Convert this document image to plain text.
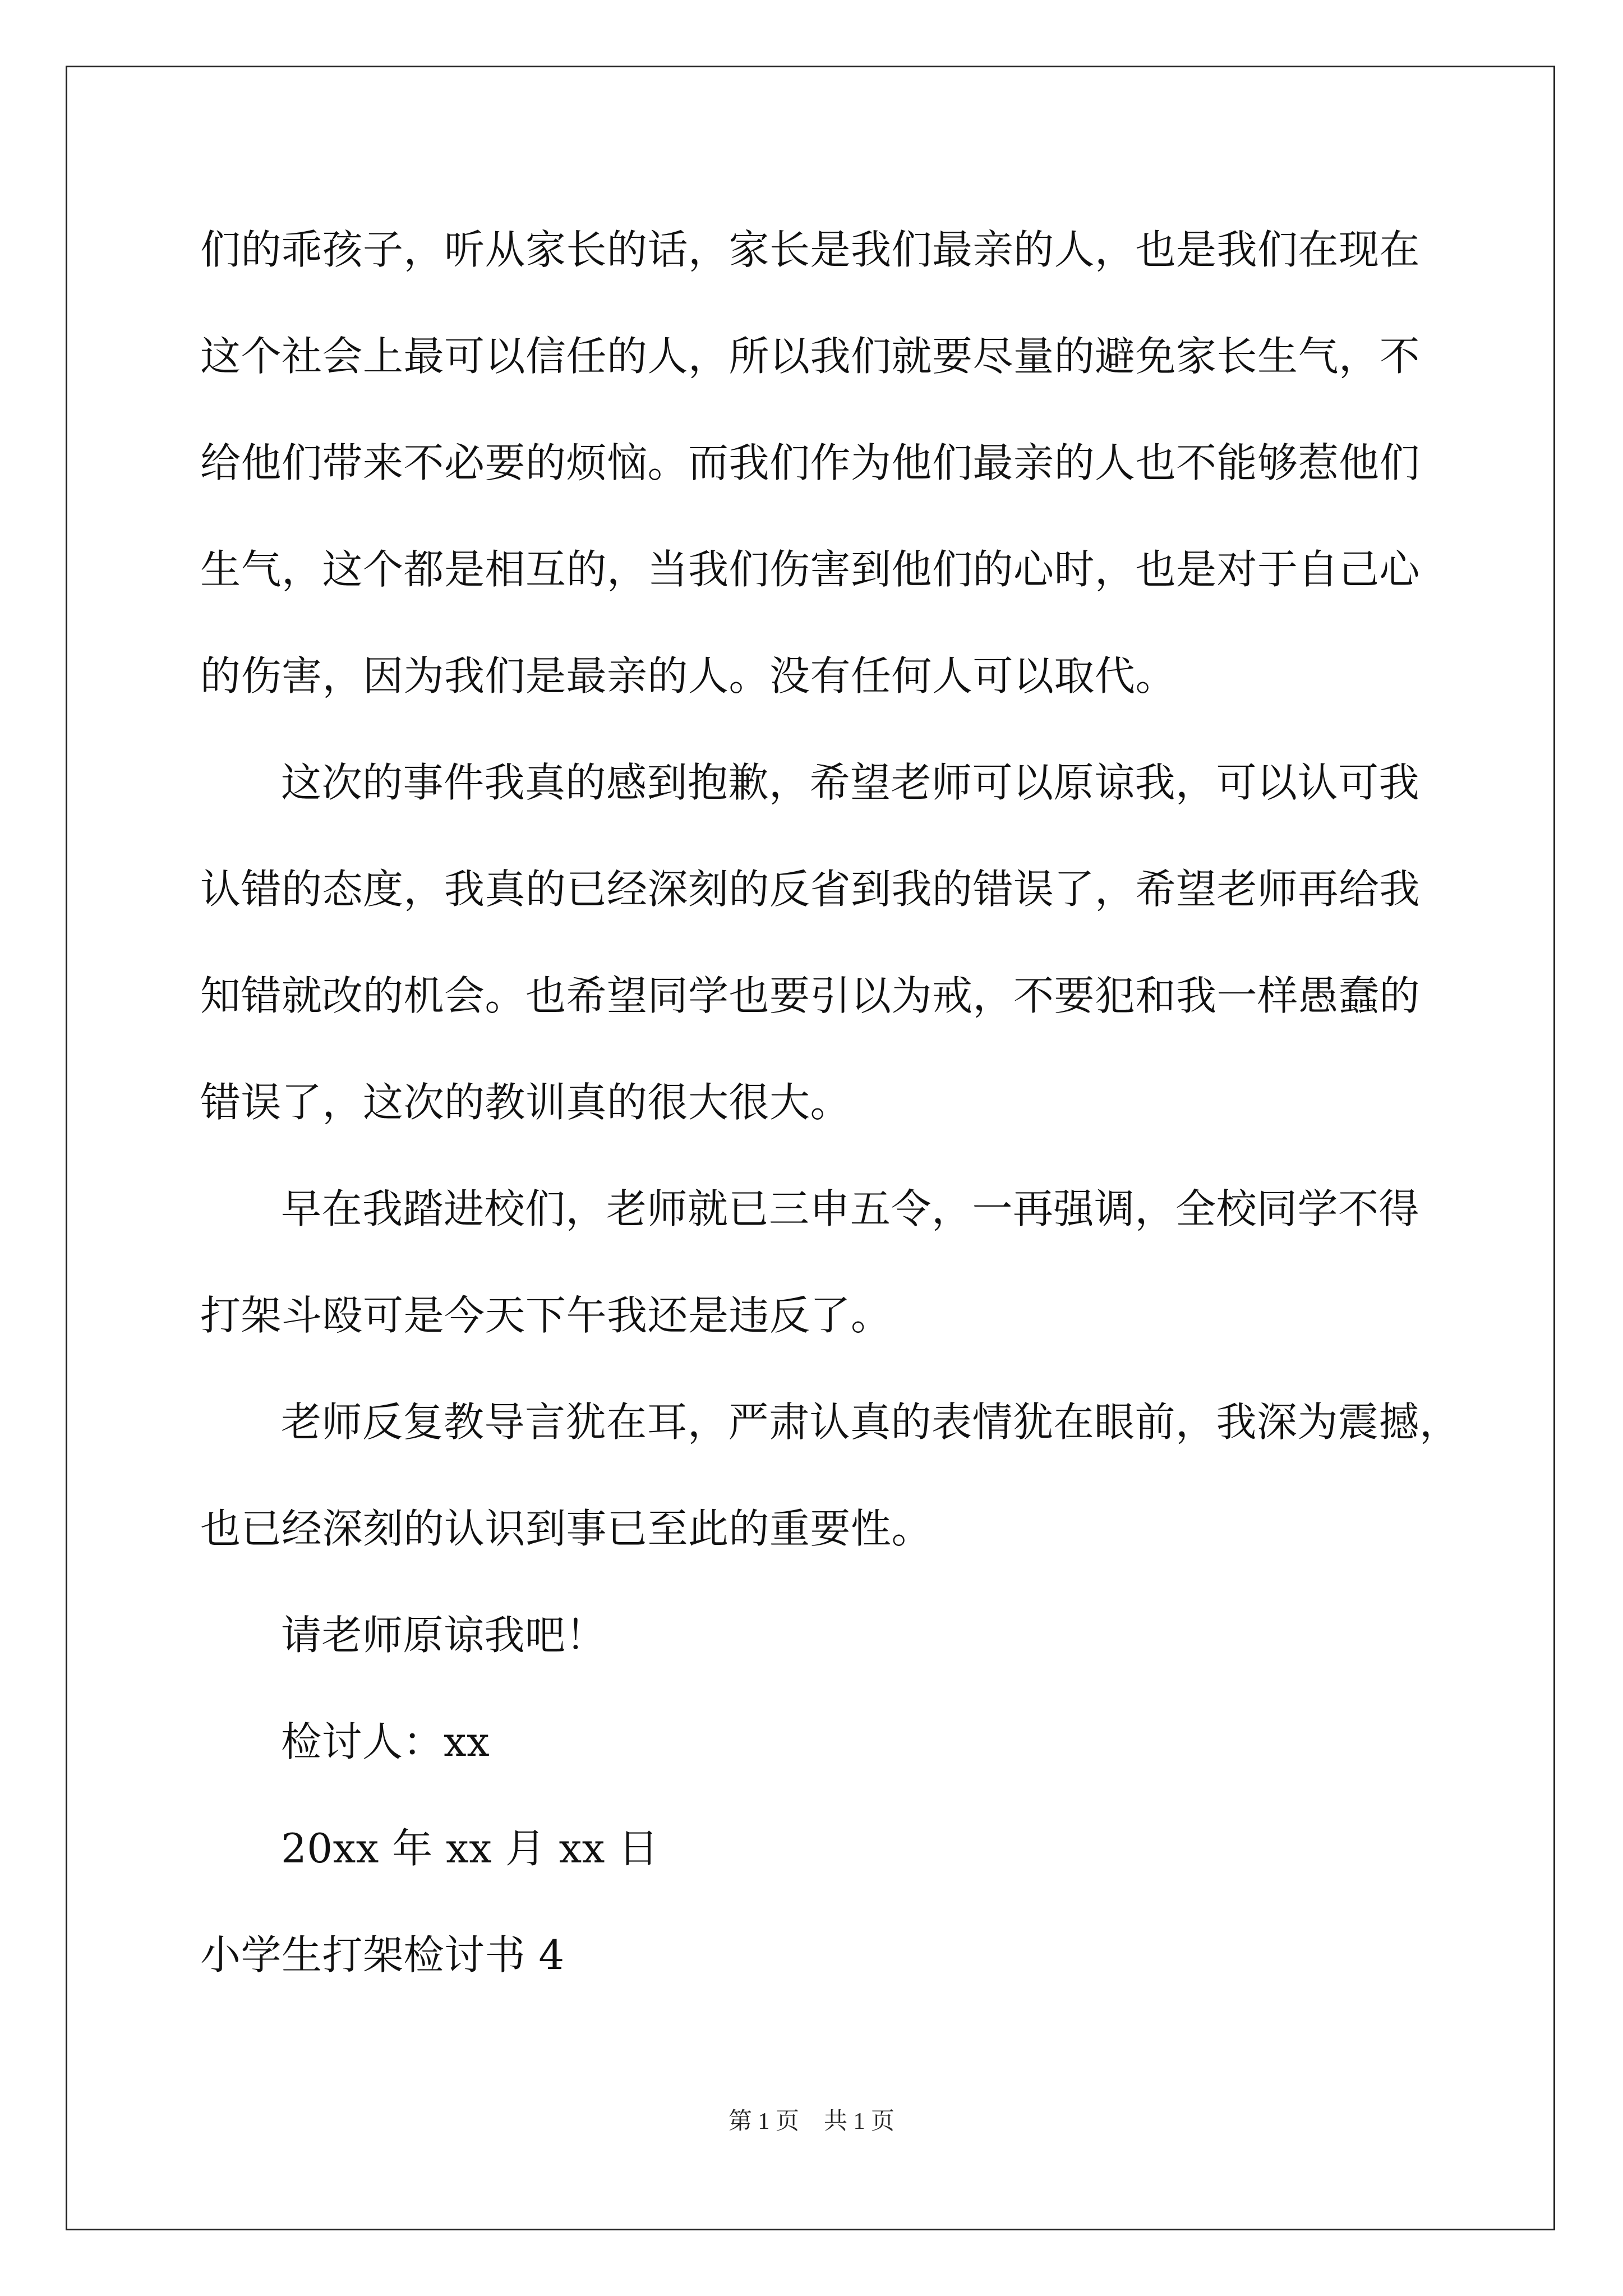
们的乖孩子，听从家长的话，家长是我们最亲的人，也是我们在现在
这个社会上最可以信任的人，所以我们就要尽量的避免家长生气，不
给他们带来不必要的烦恼。而我们作为他们最亲的人也不能够惹他们
生气，这个都是相互的，当我们伤害到他们的心时，也是对于自己心
的伤害，因为我们是最亲的人。没有任何人可以取代。
这次的事件我真的感到抱歉，希望老师可以原谅我，可以认可我
认错的态度，我真的已经深刻的反省到我的错误了，希望老师再给我
知错就改的机会。也希望同学也要引以为戒，不要犯和我一样愚蠢的
错误了，这次的教训真的很大很大。
早在我踏进校们，老师就已三申五令，一再强调，全校同学不得
打架斗殴可是今天下午我还是违反了。
老师反复教导言犹在耳，严肃认真的表情犹在眼前，我深为震撼，
也已经深刻的认识到事已至此的重要性。
请老师原谅我吧！
检讨人：xx
20xx 年 xx 月 xx 日
小学生打架检讨书 4
第 1 页 共 1 页
